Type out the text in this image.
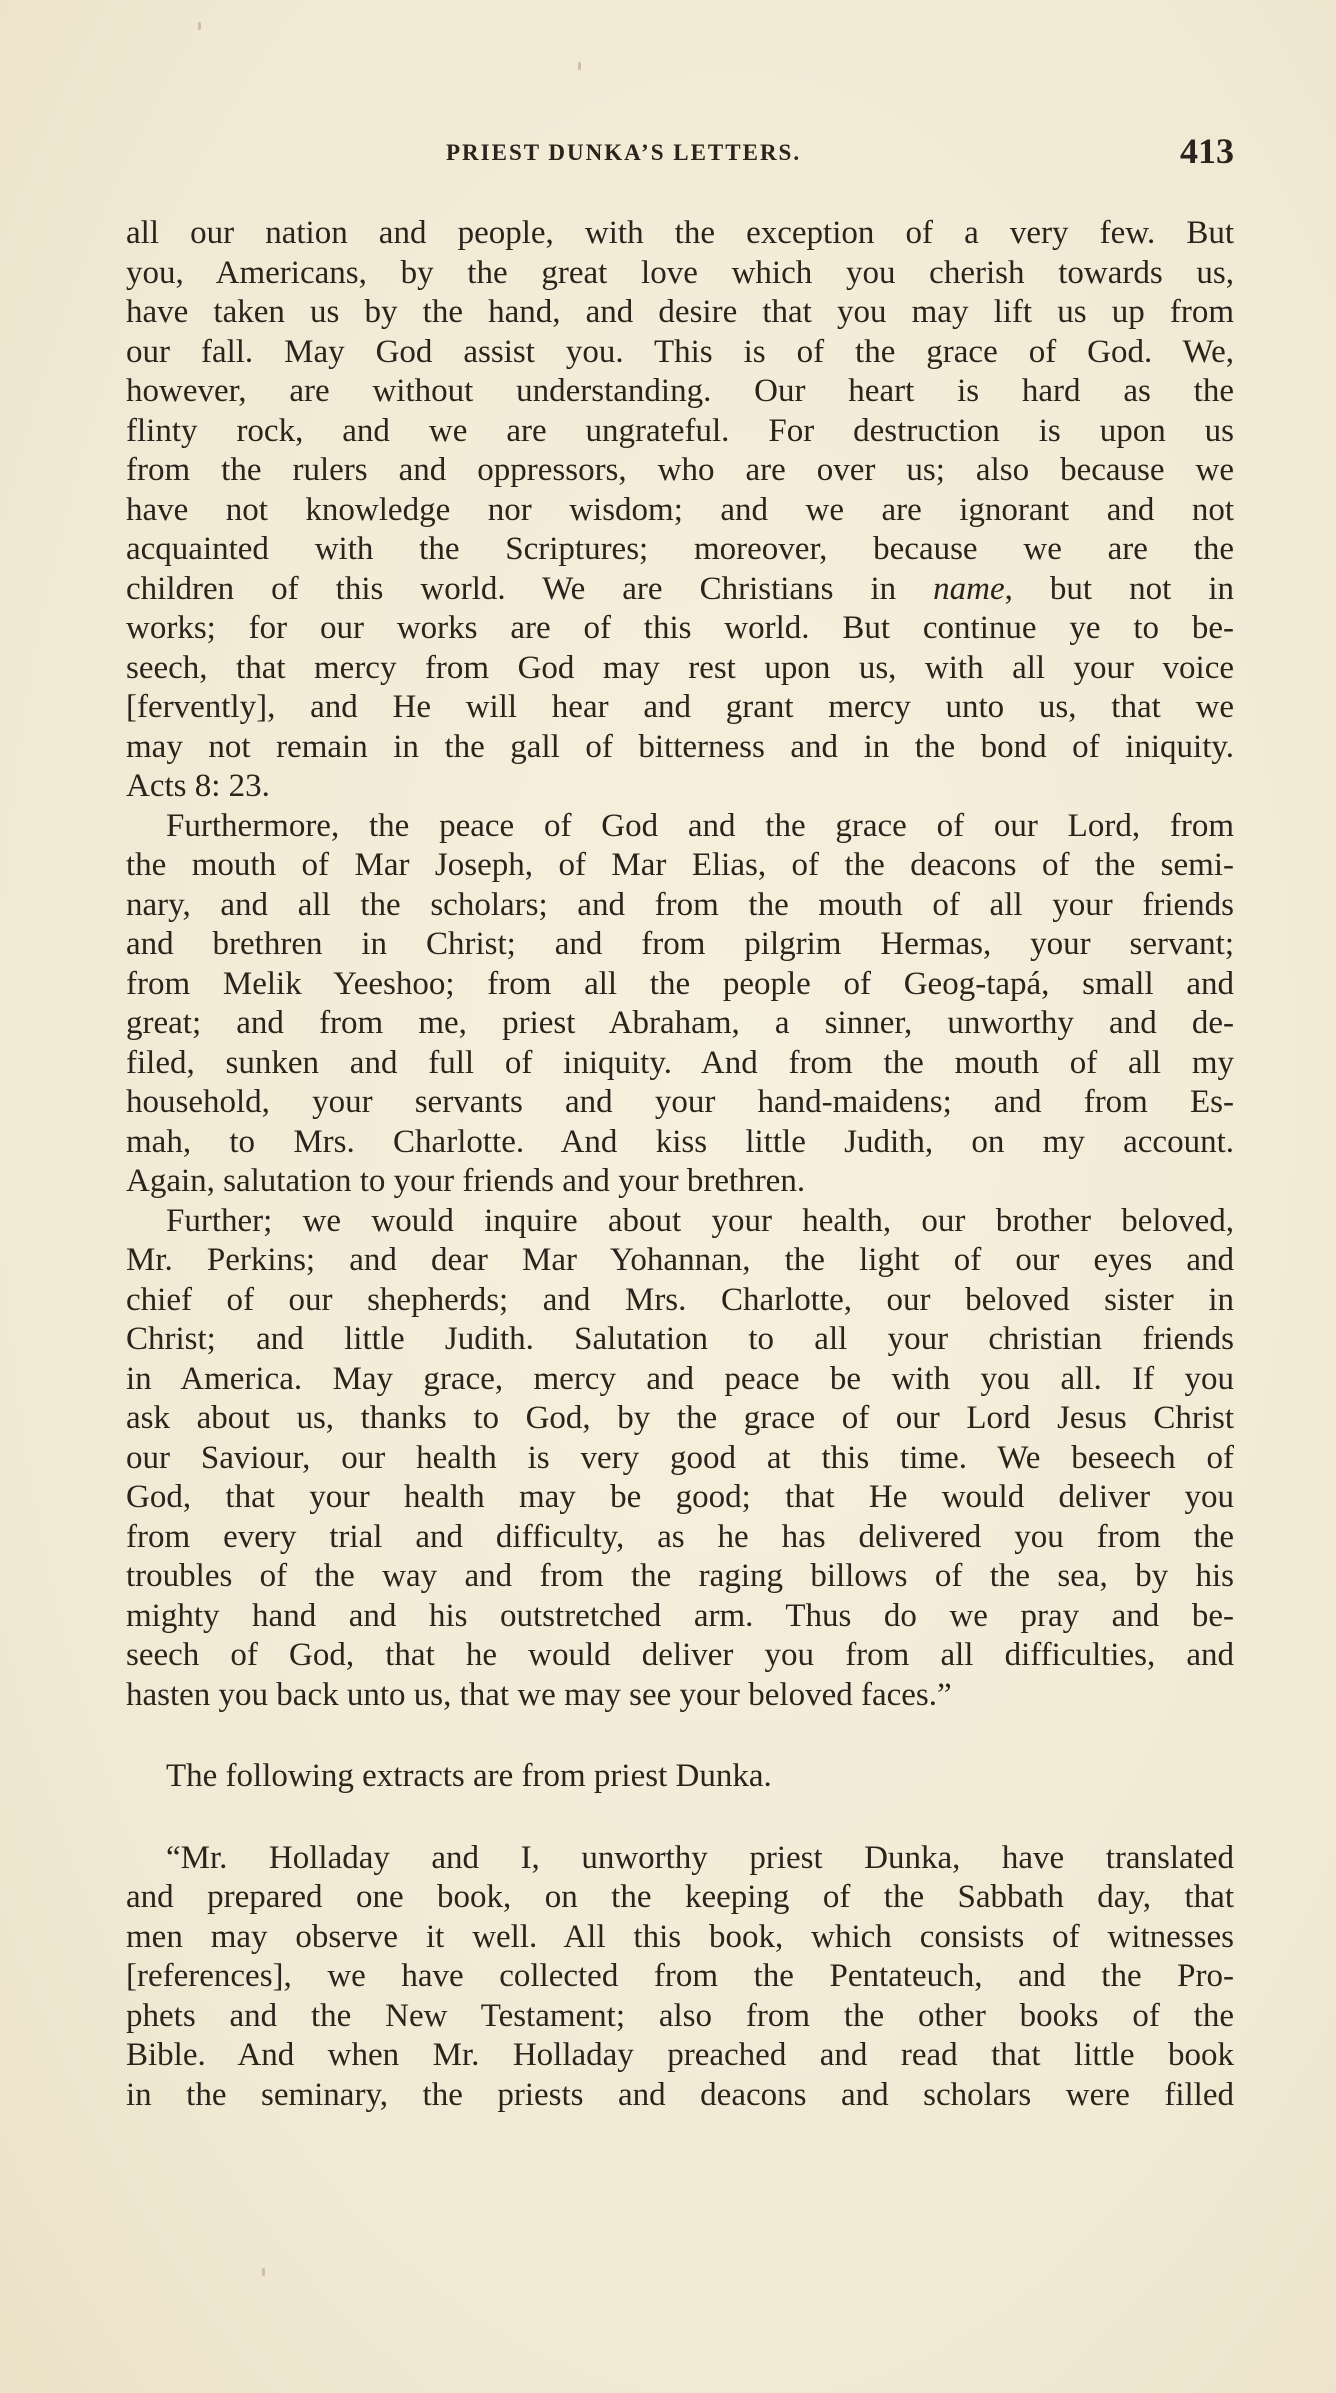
PRIEST DUNKA’S LETTERS.	413

all our nation and people, with the exception of a very few. But
you, Americans, by the great love which you cherish towards us,
have taken us by the hand, and desire that you may lift us up from
our fall. May God assist you. This is of the grace of God. We,
however, are without understanding. Our heart is hard as the
flinty rock, and we are ungrateful. For destruction is upon us
from the rulers and oppressors, who are over us; also because we
have not knowledge nor wisdom; and we are ignorant and not
acquainted with the Scriptures; moreover, because we are the
children of this world. We are Christians in name, but not in
works; for our works are of this world. But continue ye to be-
seech, that mercy from God may rest upon us, with all your voice
[fervently], and He will hear and grant mercy unto us, that we
may not remain in the gall of bitterness and in the bond of iniquity.
Acts 8: 23.

Furthermore, the peace of God and the grace of our Lord, from
the mouth of Mar Joseph, of Mar Elias, of the deacons of the semi-
nary, and all the scholars; and from the mouth of all your friends
and brethren in Christ; and from pilgrim Hermas, your servant;
from Melik Yeeshoo; from all the people of Geog-tapá, small and
great; and from me, priest Abraham, a sinner, unworthy and de-
filed, sunken and full of iniquity. And from the mouth of all my
household, your servants and your hand-maidens; and from Es-
mah, to Mrs. Charlotte. And kiss little Judith, on my account.
Again, salutation to your friends and your brethren.

Further; we would inquire about your health, our brother beloved,
Mr. Perkins; and dear Mar Yohannan, the light of our eyes and
chief of our shepherds; and Mrs. Charlotte, our beloved sister in
Christ; and little Judith. Salutation to all your christian friends
in America. May grace, mercy and peace be with you all. If you
ask about us, thanks to God, by the grace of our Lord Jesus Christ
our Saviour, our health is very good at this time. We beseech of
God, that your health may be good; that He would deliver you
from every trial and difficulty, as he has delivered you from the
troubles of the way and from the raging billows of the sea, by his
mighty hand and his outstretched arm. Thus do we pray and be-
seech of God, that he would deliver you from all difficulties, and
hasten you back unto us, that we may see your beloved faces.”

The following extracts are from priest Dunka.

“Mr. Holladay and I, unworthy priest Dunka, have translated
and prepared one book, on the keeping of the Sabbath day, that
men may observe it well. All this book, which consists of witnesses
[references], we have collected from the Pentateuch, and the Pro-
phets and the New Testament; also from the other books of the
Bible. And when Mr. Holladay preached and read that little book
in the seminary, the priests and deacons and scholars were filled
